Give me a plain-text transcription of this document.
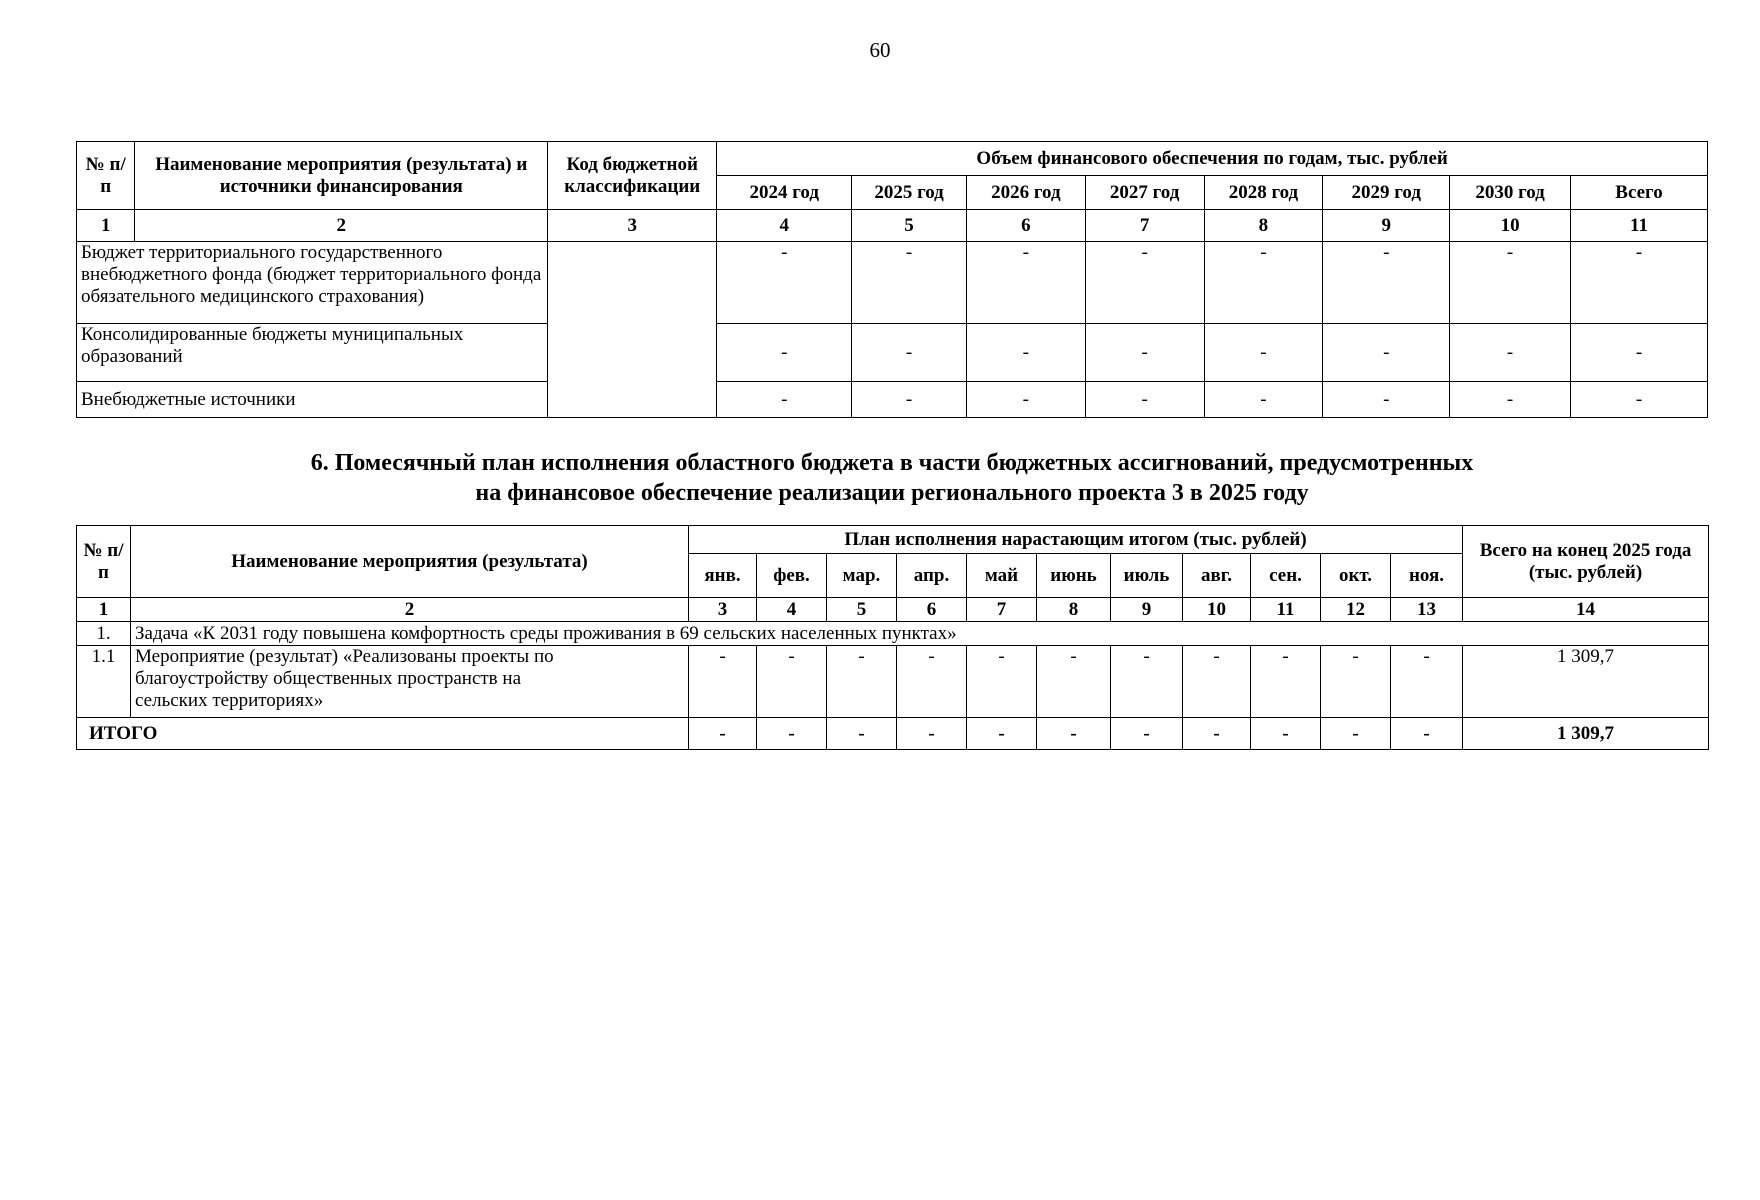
60
№ п/п	Наименование мероприятия (результата) и источники финансирования	Код бюджетной классификации	Объем финансового обеспечения по годам, тыс. рублей							
			2024 год	2025 год	2026 год	2027 год	2028 год	2029 год	2030 год	Всего
1	2	3	4	5	6	7	8	9	10	11
Бюджет территориального государственного внебюджетного фонда (бюджет территориального фонда обязательного медицинского страхования)			-	-	-	-	-	-	-	-
Консолидированные бюджеты муниципальных образований			-	-	-	-	-	-	-	-
Внебюджетные источники			-	-	-	-	-	-	-	-
6. Помесячный план исполнения областного бюджета в части бюджетных ассигнований, предусмотренных
на финансовое обеспечение реализации регионального проекта 3 в 2025 году
№ п/п	Наименование мероприятия (результата)	План исполнения нарастающим итогом (тыс. рублей)											Всего на конец 2025 года (тыс. рублей)
		янв.	фев.	мар.	апр.	май	июнь	июль	авг.	сен.	окт.	ноя.	
1	2	3	4	5	6	7	8	9	10	11	12	13	14
1.	Задача «К 2031 году повышена комфортность среды проживания в 69 сельских населенных пунктах»												
1.1	Мероприятие (результат) «Реализованы проекты по благоустройству общественных пространств на сельских территориях»	-	-	-	-	-	-	-	-	-	-	-	1 309,7
ИТОГО		-	-	-	-	-	-	-	-	-	-	-	1 309,7
